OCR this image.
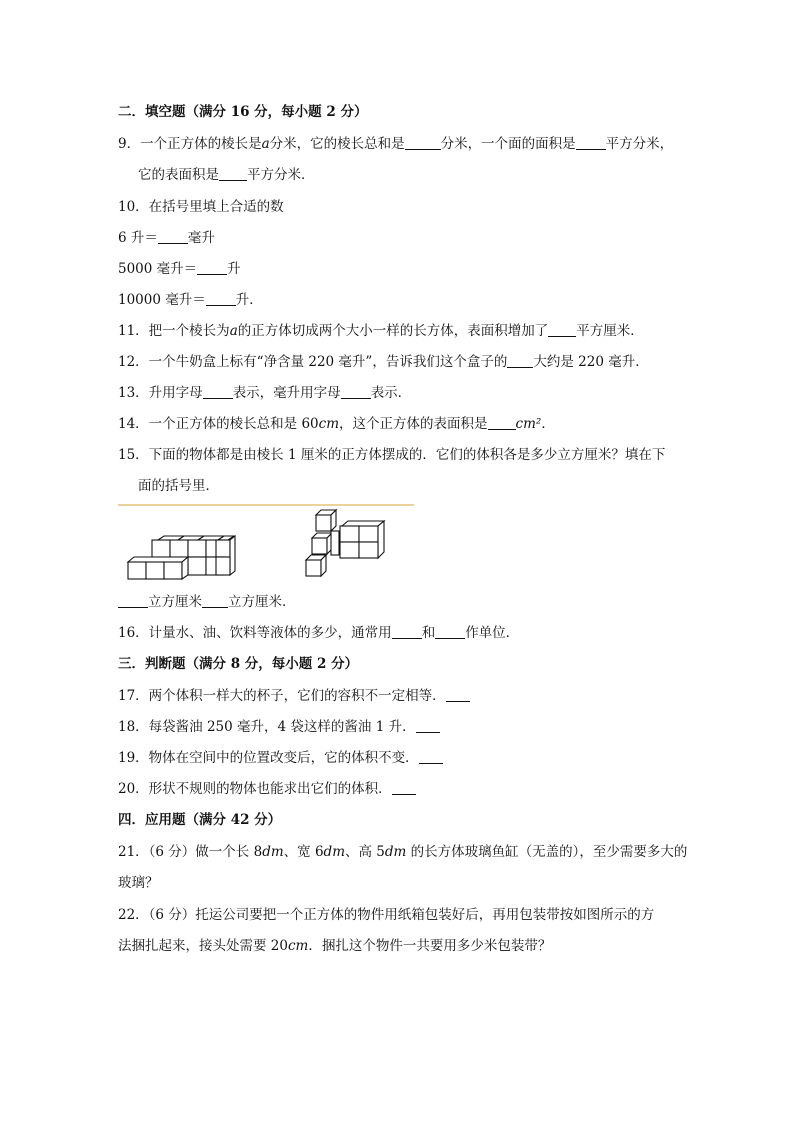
二．填空题（满分 16 分，每小题 2 分）
9．一个正方体的棱长是a分米，它的棱长总和是	分米，一个面的面积是 平方分米，
它的表面积是 平方分米．
10．在括号里填上合适的数
6 升＝ 毫升
5000 毫升＝ 升
10000 毫升＝ 升．
11．把一个棱长为a的正方体切成两个大小一样的长方体，表面积增加了 平方厘米．
12．一个牛奶盒上标有“净含量 220 毫升”，告诉我们这个盒子的 大约是 220 毫升．
13．升用字母 表示，毫升用字母 表示．
14．一个正方体的棱长总和是 60cm，这个正方体的表面积是 cm²．
15．下面的物体都是由棱长 1 厘米的正方体摆成的．它们的体积各是多少立方厘米？填在下
面的括号里．
立方厘米 立方厘米．
16．计量水、油、饮料等液体的多少，通常用 和 作单位．
三．判断题（满分 8 分，每小题 2 分）
17．两个体积一样大的杯子，它们的容积不一定相等．
18．每袋酱油 250 毫升，4 袋这样的酱油 1 升．
19．物体在空间中的位置改变后，它的体积不变．
20．形状不规则的物体也能求出它们的体积．
四．应用题（满分 42 分）
21．（6 分）做一个长 8dm、宽 6dm、高 5dm 的长方体玻璃鱼缸（无盖的），至少需要多大的
玻璃？
22．（6 分）托运公司要把一个正方体的物件用纸箱包装好后，再用包装带按如图所示的方
法捆扎起来，接头处需要 20cm．捆扎这个物件一共要用多少米包装带？
